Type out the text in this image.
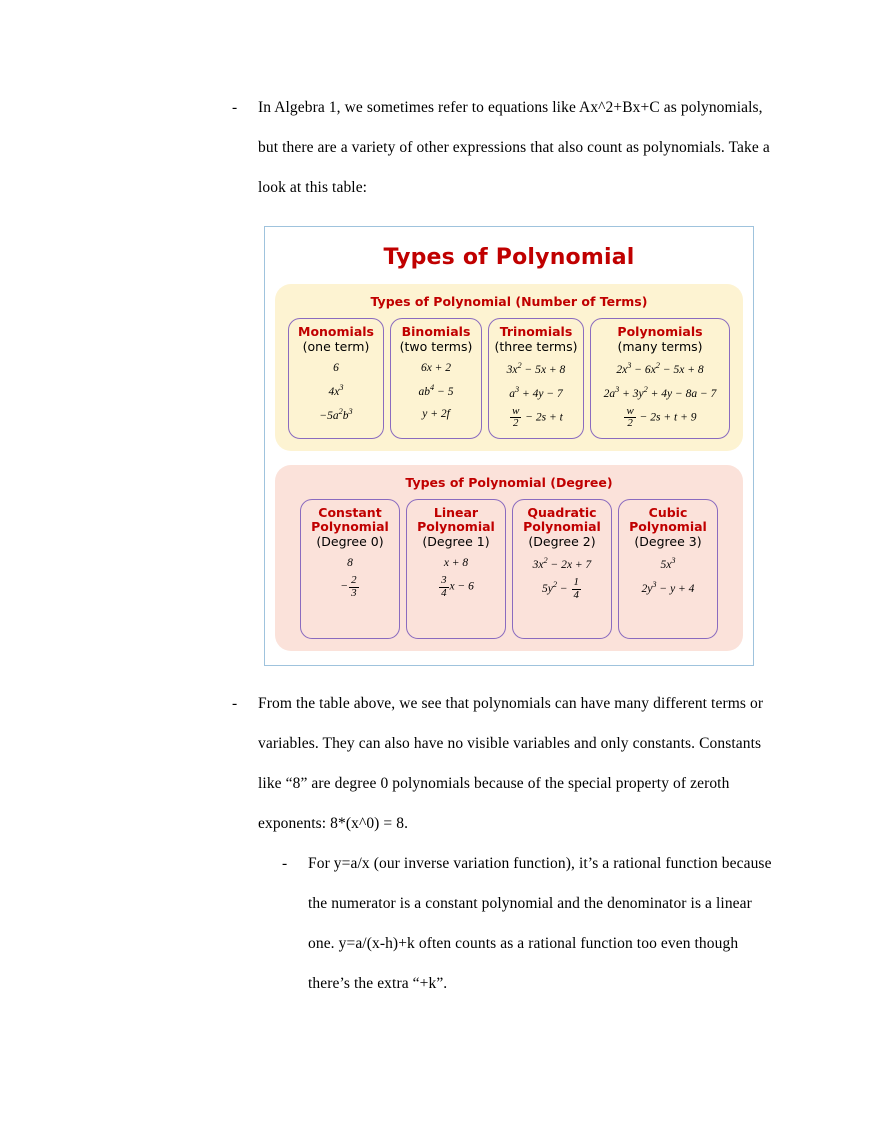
-	In Algebra 1, we sometimes refer to equations like Ax^2+Bx+C as polynomials, but there are a variety of other expressions that also count as polynomials. Take a look at this table:
Types of Polynomial
Types of Polynomial (Number of Terms)
Monomials
(one term)
6
$4x^3$
$-5a^2b^3$
Binomials
(two terms)
6x + 2
$ab^4 - 5$
y + 2f
Trinomials
(three terms)
$3x^2 - 5x + 8$
$a^3 + 4y - 7$
$\frac{w}{2} - 2s + t$
Polynomials
(many terms)
$2x^3 - 6x^2 - 5x + 8$
$2a^3 + 3y^2 + 4y - 8a - 7$
$\frac{w}{2} - 2s + t + 9$
Types of Polynomial (Degree)
Constant Polynomial
(Degree 0)
8
− $\frac{2}{3}$
Linear Polynomial
(Degree 1)
x + 8
$\frac{3}{4}$ x − 6
Quadratic Polynomial
(Degree 2)
$3x^2 - 2x + 7$
$5y^2 - \frac{1}{4}$
Cubic Polynomial
(Degree 3)
$5x^3$
$2y^3 - y + 4$
-	From the table above, we see that polynomials can have many different terms or variables. They can also have no visible variables and only constants. Constants like “8” are degree 0 polynomials because of the special property of zeroth exponents: 8*(x^0) = 8.
-	For y=a/x (our inverse variation function), it’s a rational function because the numerator is a constant polynomial and the denominator is a linear one. y=a/(x-h)+k often counts as a rational function too even though there’s the extra “+k”.
